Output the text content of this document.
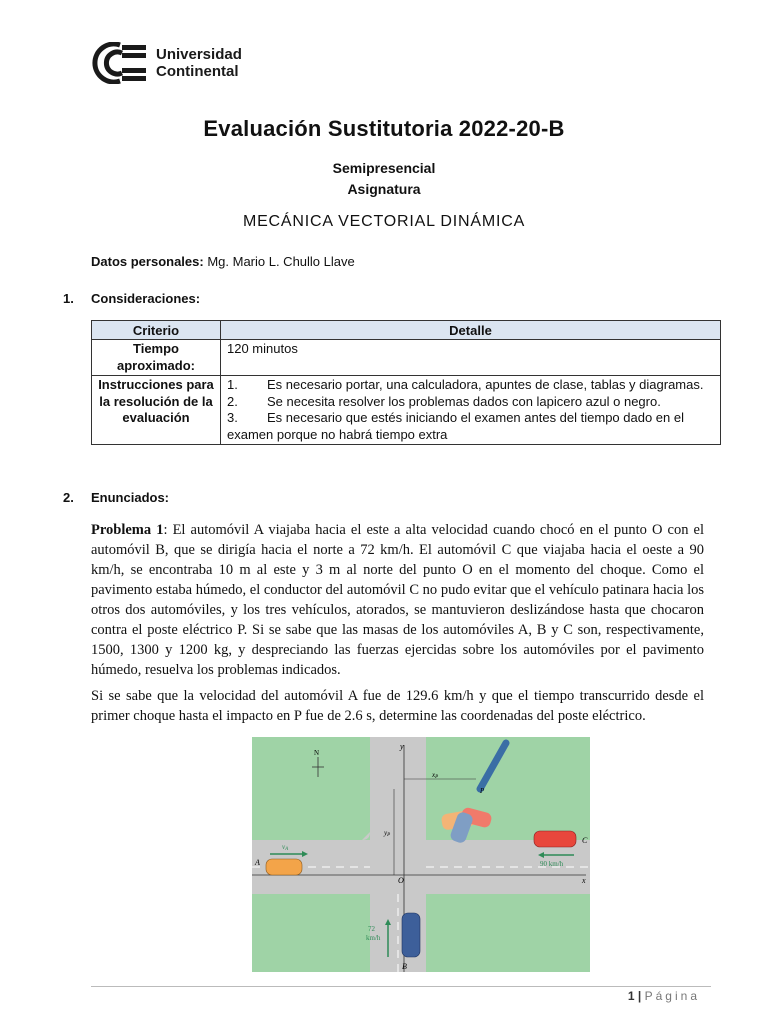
Universidad
Continental
Evaluación Sustitutoria 2022-20-B
Semipresencial
Asignatura
MECÁNICA VECTORIAL DINÁMICA
Datos personales: Mg. Mario L. Chullo Llave
1. Consideraciones:
Criterio	Detalle
Tiempo aproximado:	120 minutos
Instrucciones para la resolución de la evaluación	1. Es necesario portar, una calculadora, apuntes de clase, tablas y diagramas.
2. Se necesita resolver los problemas dados con lapicero azul o negro.
3. Es necesario que estés iniciando el examen antes del tiempo dado en el examen porque no habrá tiempo extra
2. Enunciados:
Problema 1: El automóvil A viajaba hacia el este a alta velocidad cuando chocó en el punto O con el automóvil B, que se dirigía hacia el norte a 72 km/h. El automóvil C que viajaba hacia el oeste a 90 km/h, se encontraba 10 m al este y 3 m al norte del punto O en el momento del choque. Como el pavimento estaba húmedo, el conductor del automóvil C no pudo evitar que el vehículo patinara hacia los otros dos automóviles, y los tres vehículos, atorados, se mantuvieron deslizándose hasta que chocaron contra el poste eléctrico P. Si se sabe que las masas de los automóviles A, B y C son, respectivamente, 1500, 1300 y 1200 kg, y despreciando las fuerzas ejercidas sobre los automóviles por el pavimento húmedo, resuelva los problemas indicados.
Si se sabe que la velocidad del automóvil A fue de 129.6 km/h y que el tiempo transcurrido desde el primer choque hasta el impacto en P fue de 2.6 s, determine las coordenadas del poste eléctrico.
y
x
O
N
P
xP
yP
A
vA
C
90 km/h
B
72
km/h
1 | Página
